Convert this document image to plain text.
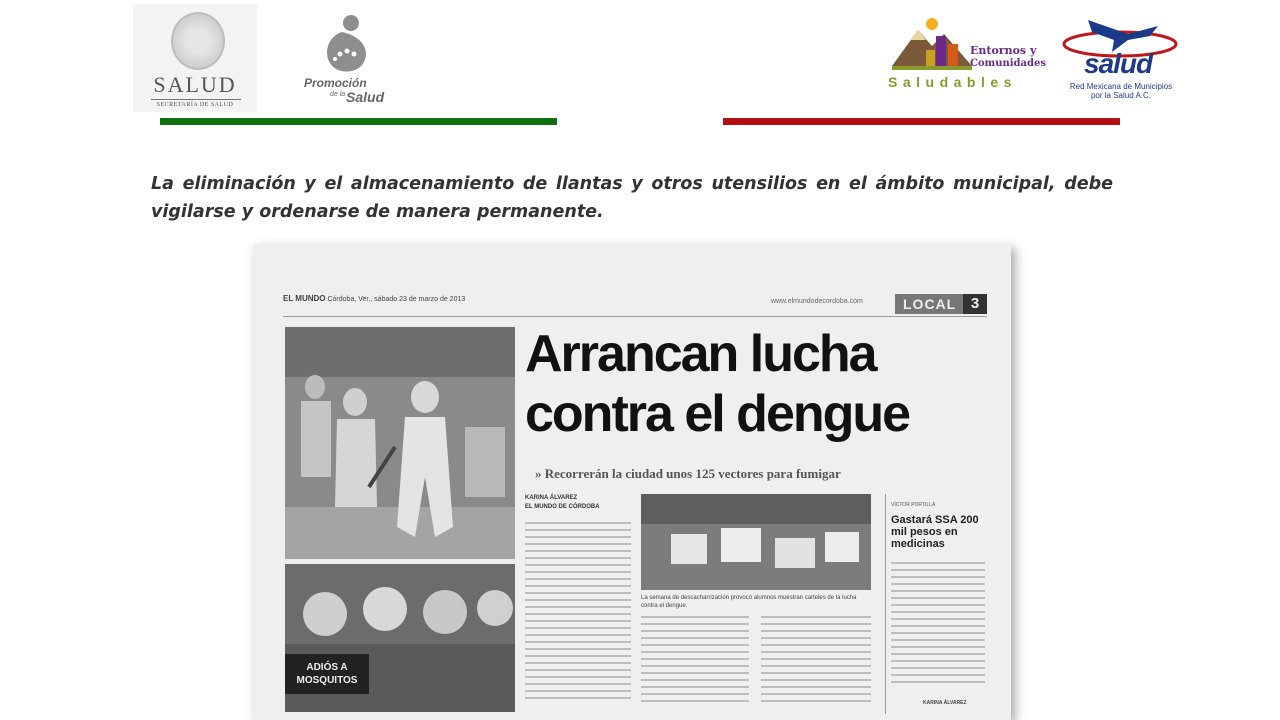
SALUD
SECRETARÍA DE SALUD
Promoción
de la Salud
Entornos y
Comunidades
Saludables
salud
Red Mexicana de Municipios
por la Salud A.C.
La eliminación y el almacenamiento de llantas y otros utensilios en el ámbito municipal, debe vigilarse y ordenarse de manera permanente.
EL MUNDO Córdoba, Ver., sábado 23 de marzo de 2013	www.elmundodecordoba.com	LOCAL 3
ADIÓS A
MOSQUITOS
Arrancan lucha
contra el dengue
» Recorrerán la ciudad unos 125 vectores para fumigar
KARINA ÁLVAREZ
EL MUNDO DE CÓRDOBA
La semana de descacharrización provocó alumnos muestran carteles de la lucha contra el dengue.
VÍCTOR PORTILLA
Gastará SSA 200 mil pesos en medicinas
KARINA ÁLVAREZ
